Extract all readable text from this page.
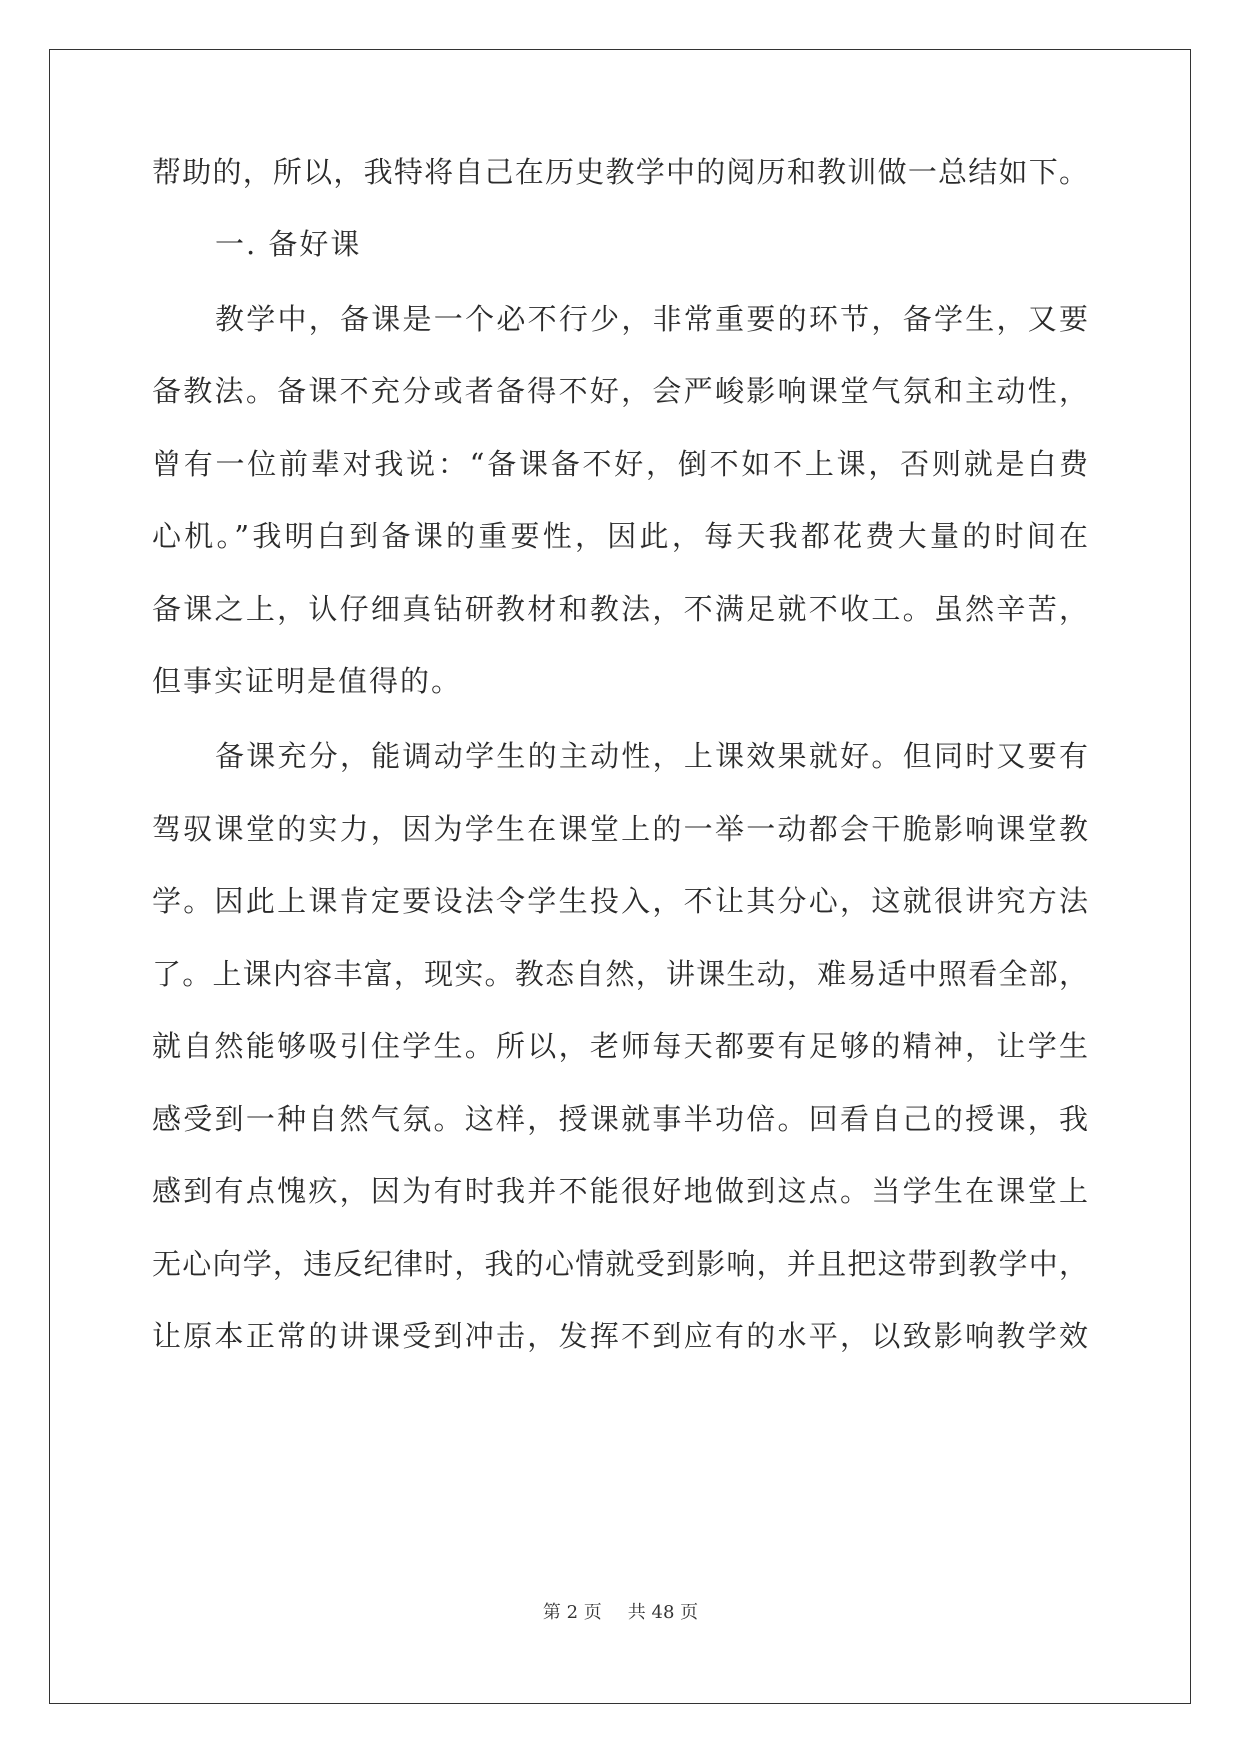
帮助的，所以，我特将自己在历史教学中的阅历和教训做一总结如下。
一. 备好课
教学中，备课是一个必不行少，非常重要的环节，备学生，又要
备教法。备课不充分或者备得不好，会严峻影响课堂气氛和主动性，
曾有一位前辈对我说：“备课备不好，倒不如不上课，否则就是白费
心机。”我明白到备课的重要性，因此，每天我都花费大量的时间在
备课之上，认仔细真钻研教材和教法，不满足就不收工。虽然辛苦，
但事实证明是值得的。
备课充分，能调动学生的主动性，上课效果就好。但同时又要有
驾驭课堂的实力，因为学生在课堂上的一举一动都会干脆影响课堂教
学。因此上课肯定要设法令学生投入，不让其分心，这就很讲究方法
了。上课内容丰富，现实。教态自然，讲课生动，难易适中照看全部，
就自然能够吸引住学生。所以，老师每天都要有足够的精神，让学生
感受到一种自然气氛。这样，授课就事半功倍。回看自己的授课，我
感到有点愧疚，因为有时我并不能很好地做到这点。当学生在课堂上
无心向学，违反纪律时，我的心情就受到影响，并且把这带到教学中，
让原本正常的讲课受到冲击，发挥不到应有的水平，以致影响教学效
第 2 页 共 48 页
